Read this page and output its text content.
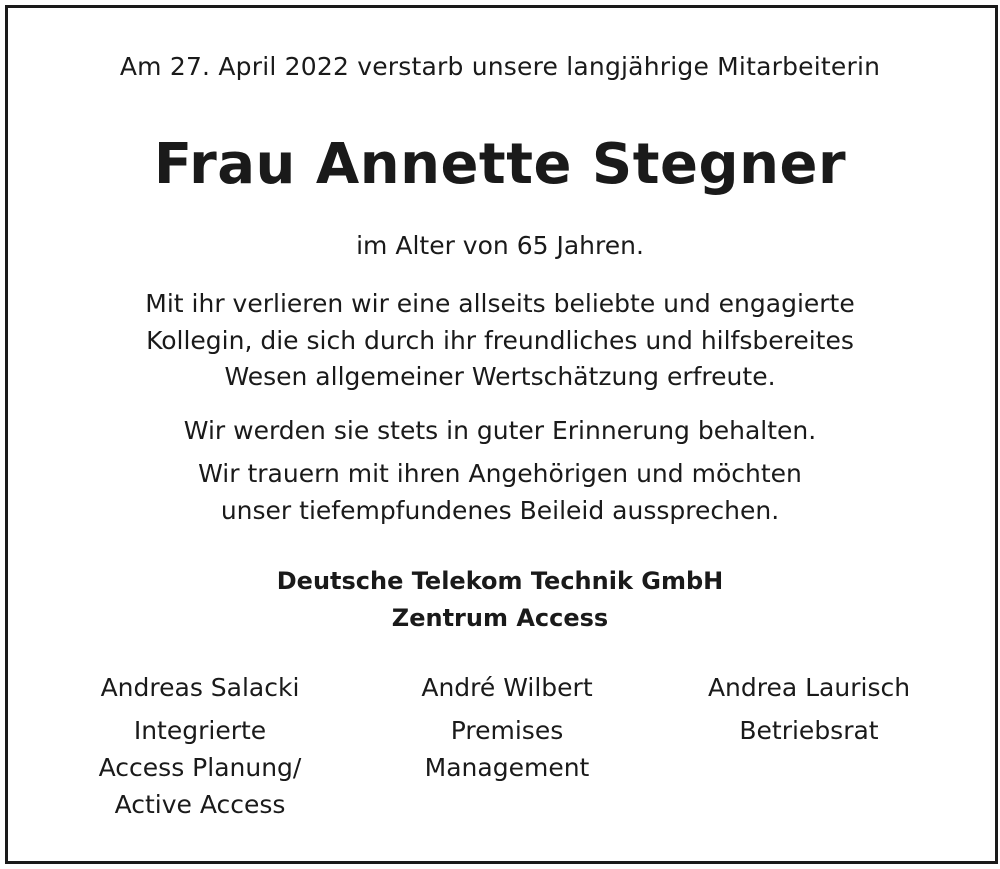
Am 27. April 2022 verstarb unsere langjährige Mitarbeiterin
Frau Annette Stegner
im Alter von 65 Jahren.
Mit ihr verlieren wir eine allseits beliebte und engagierte
Kollegin, die sich durch ihr freundliches und hilfsbereites
Wesen allgemeiner Wertschätzung erfreute.
Wir werden sie stets in guter Erinnerung behalten.
Wir trauern mit ihren Angehörigen und möchten
unser tiefempfundenes Beileid aussprechen.
Deutsche Telekom Technik GmbH
Zentrum Access
Andreas Salacki
Integrierte
Access Planung/
Active Access
André Wilbert
Premises
Management
Andrea Laurisch
Betriebsrat
